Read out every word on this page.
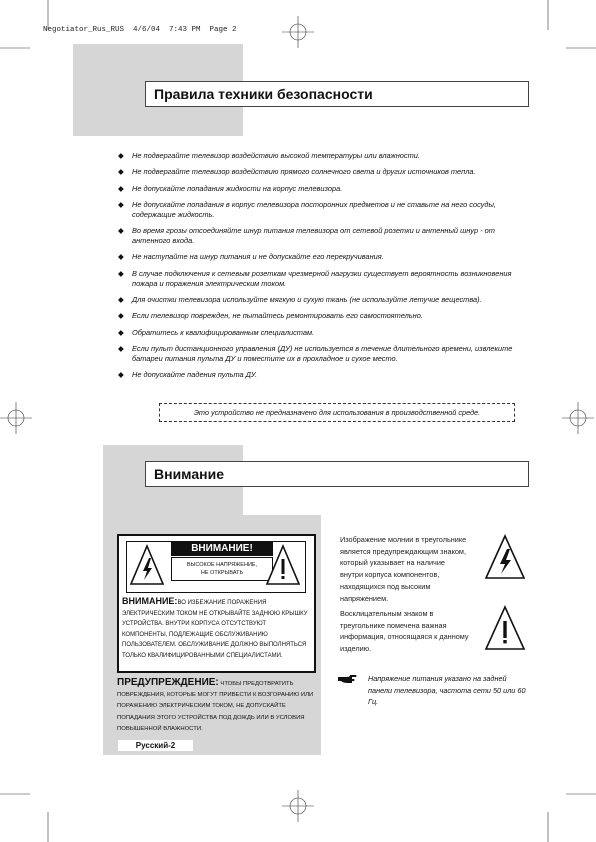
Negotiator_Rus_RUS  4/6/04  7:43 PM  Page 2
Правила техники безопасности
◆ Не подвергайте телевизор воздействию высокой температуры или влажности.
◆ Не подвергайте телевизор воздействию прямого солнечного света и других источников тепла.
◆ Не допускайте попадания жидкости на корпус телевизора.
◆ Не допускайте попадания в корпус телевизора посторонних предметов и не ставьте на него сосуды, содержащие жидкость.
◆ Во время грозы отсоединяйте шнур питания телевизора от сетевой розетки и антенный шнур - от антенного входа.
◆ Не наступайте на шнур питания и не допускайте его перекручивания.
◆ В случае подключения к сетевым розеткам чрезмерной нагрузки существует вероятность возникновения пожара и поражения электрическим током.
◆ Для очистки телевизора используйте мягкую и сухую ткань (не используйте летучие вещества).
◆ Если телевизор поврежден, не пытайтесь ремонтировать его самостоятельно.
◆ Обратитесь к квалифицированным специалистам.
◆ Если пульт дистанционного управления (ДУ) не используется в течение длительного времени, извлеките батареи питания пульта ДУ и поместите их в прохладное и сухое место.
◆ Не допускайте падения пульта ДУ.
Это устройство не предназначено для использования в производственной среде.
Внимание
ВНИМАНИЕ!
ВЫСОКОЕ НАПРЯЖЕНИЕ,
НЕ ОТКРЫВАТЬ
ВНИМАНИЕ:ВО ИЗБЕЖАНИЕ ПОРАЖЕНИЯ ЭЛЕКТРИЧЕСКИМ ТОКОМ НЕ ОТКРЫВАЙТЕ ЗАДНЮЮ КРЫШКУ УСТРОЙСТВА. ВНУТРИ КОРПУСА ОТСУТСТВУЮТ КОМПОНЕНТЫ, ПОДЛЕЖАЩИЕ ОБСЛУЖИВАНИЮ ПОЛЬЗОВАТЕЛЕМ. ОБСЛУЖИВАНИЕ ДОЛЖНО ВЫПОЛНЯТЬСЯ ТОЛЬКО КВАЛИФИЦИРОВАННЫМИ СПЕЦИАЛИСТАМИ.
ПРЕДУПРЕЖДЕНИЕ: ЧТОБЫ ПРЕДОТВРАТИТЬ ПОВРЕЖДЕНИЯ, КОТОРЫЕ МОГУТ ПРИВЕСТИ К ВОЗГОРАНИЮ ИЛИ ПОРАЖЕНИЮ ЭЛЕКТРИЧЕСКИМ ТОКОМ, НЕ ДОПУСКАЙТЕ ПОПАДАНИЯ ЭТОГО УСТРОЙСТВА ПОД ДОЖДЬ ИЛИ В УСЛОВИЯ ПОВЫШЕННОЙ ВЛАЖНОСТИ.
Русский-2
Изображение молнии в треугольнике является предупреждающим знаком, который указывает на наличие внутри корпуса компонентов, находящихся под высоким напряжением.
Восклицательным знаком в треугольнике помечена важная информация, относящаяся к данному изделию.
Напряжение питания указано на задней панели телевизора, частота сети 50 или 60 Гц.
